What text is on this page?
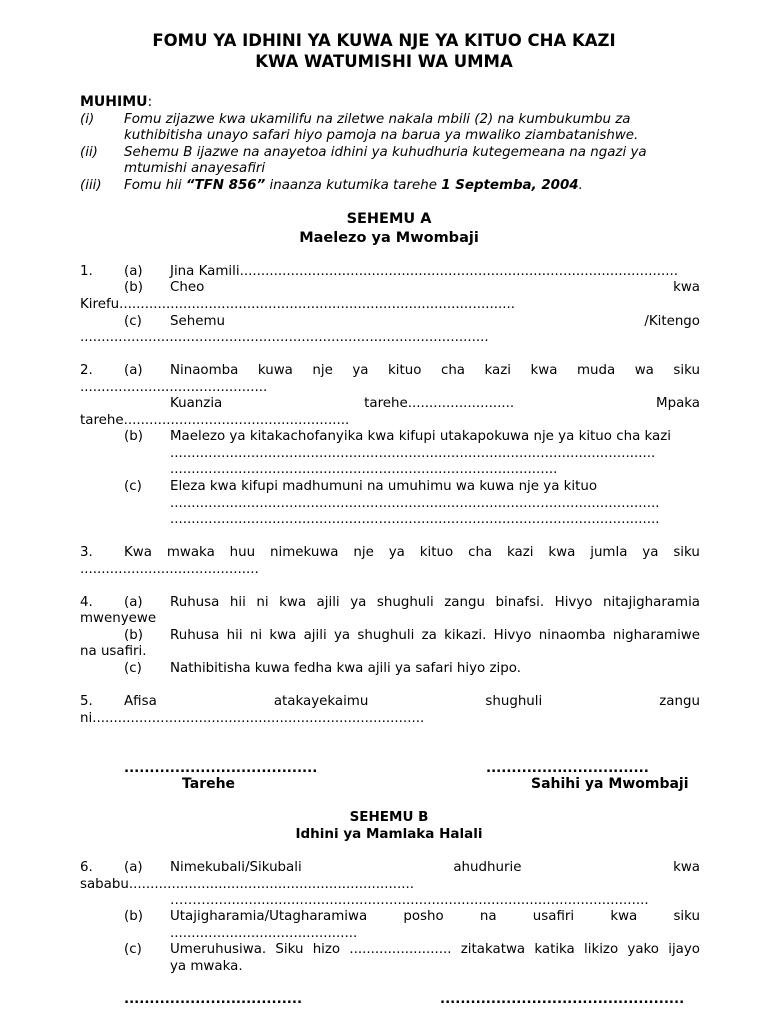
FOMU YA IDHINI YA KUWA NJE YA KITUO CHA KAZI
KWA WATUMISHI WA UMMA
MUHIMU:
(i) Fomu zijazwe kwa ukamilifu na ziletwe nakala mbili (2) na kumbukumbu za
kuthibitisha unayo safari hiyo pamoja na barua ya mwaliko ziambatanishwe.
(ii) Sehemu B ijazwe na anayetoa idhini ya kuhudhuria kutegemeana na ngazi ya
mtumishi anayesafiri
(iii) Fomu hii “TFN 856” inaanza kutumika tarehe 1 Septemba, 2004.
SEHEMU A
Maelezo ya Mwombaji
1. (a) Jina Kamili.......................................................................................................
(b) Cheo	kwa
Kirefu.............................................................................................
(c) Sehemu	/Kitengo
................................................................................................
2. (a) Ninaomba kuwa nje ya kituo cha kazi kwa muda wa siku
............................................
Kuanzia	tarehe.........................	Mpaka
tarehe.....................................................
(b) Maelezo ya kitakachofanyika kwa kifupi utakapokuwa nje ya kituo cha kazi
..................................................................................................................
...........................................................................................
(c) Eleza kwa kifupi madhumuni na umuhimu wa kuwa nje ya kituo
...................................................................................................................
...................................................................................................................
3. Kwa mwaka huu nimekuwa nje ya kituo cha kazi kwa jumla ya siku
..........................................
4. (a) Ruhusa hii ni kwa ajili ya shughuli zangu binafsi. Hivyo nitajigharamia
mwenyewe
(b) Ruhusa hii ni kwa ajili ya shughuli za kikazi. Hivyo ninaomba nigharamiwe
na usafiri.
(c) Nathibitisha kuwa fedha kwa ajili ya safari hiyo zipo.
5. Afisa	atakayekaimu	shughuli	zangu
ni..............................................................................
......................................	................................
Tarehe	Sahihi ya Mwombaji
SEHEMU B
Idhini ya Mamlaka Halali
6. (a) Nimekubali/Sikubali	ahudhurie	kwa
sababu...................................................................
……….......................................................................................................
(b) Utajigharamia/Utagharamiwa	posho	na	usafiri	kwa	siku
............................................
(c) Umeruhusiwa. Siku hizo ........................ zitakatwa katika likizo yako ijayo
ya mwaka.
...................................	................................................
